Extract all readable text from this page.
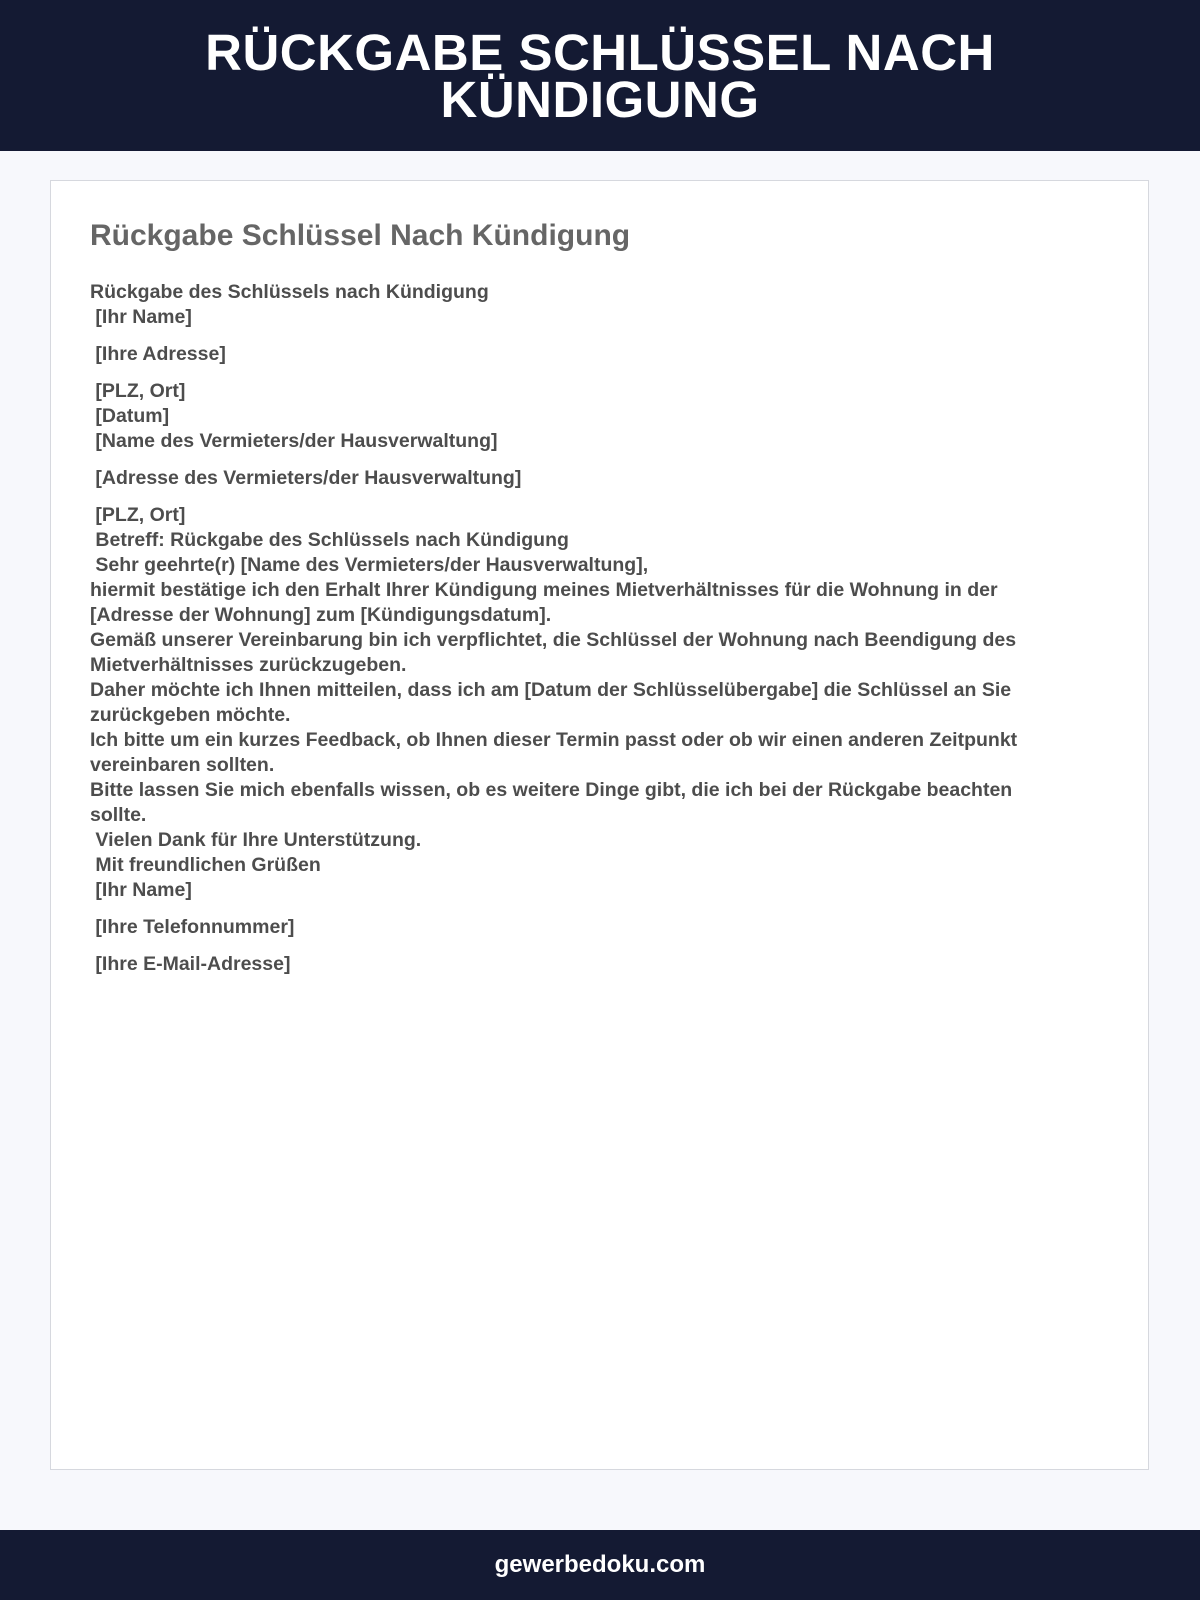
RÜCKGABE SCHLÜSSEL NACH KÜNDIGUNG
Rückgabe Schlüssel Nach Kündigung
Rückgabe des Schlüssels nach Kündigung
[Ihr Name]
[Ihre Adresse]
[PLZ, Ort]
[Datum]
[Name des Vermieters/der Hausverwaltung]
[Adresse des Vermieters/der Hausverwaltung]
[PLZ, Ort]
Betreff: Rückgabe des Schlüssels nach Kündigung
Sehr geehrte(r) [Name des Vermieters/der Hausverwaltung],
hiermit bestätige ich den Erhalt Ihrer Kündigung meines Mietverhältnisses für die Wohnung in der [Adresse der Wohnung] zum [Kündigungsdatum].
Gemäß unserer Vereinbarung bin ich verpflichtet, die Schlüssel der Wohnung nach Beendigung des Mietverhältnisses zurückzugeben.
Daher möchte ich Ihnen mitteilen, dass ich am [Datum der Schlüsselübergabe] die Schlüssel an Sie zurückgeben möchte.
Ich bitte um ein kurzes Feedback, ob Ihnen dieser Termin passt oder ob wir einen anderen Zeitpunkt vereinbaren sollten.
Bitte lassen Sie mich ebenfalls wissen, ob es weitere Dinge gibt, die ich bei der Rückgabe beachten sollte.
Vielen Dank für Ihre Unterstützung.
Mit freundlichen Grüßen
[Ihr Name]
[Ihre Telefonnummer]
[Ihre E-Mail-Adresse]
gewerbedoku.com
